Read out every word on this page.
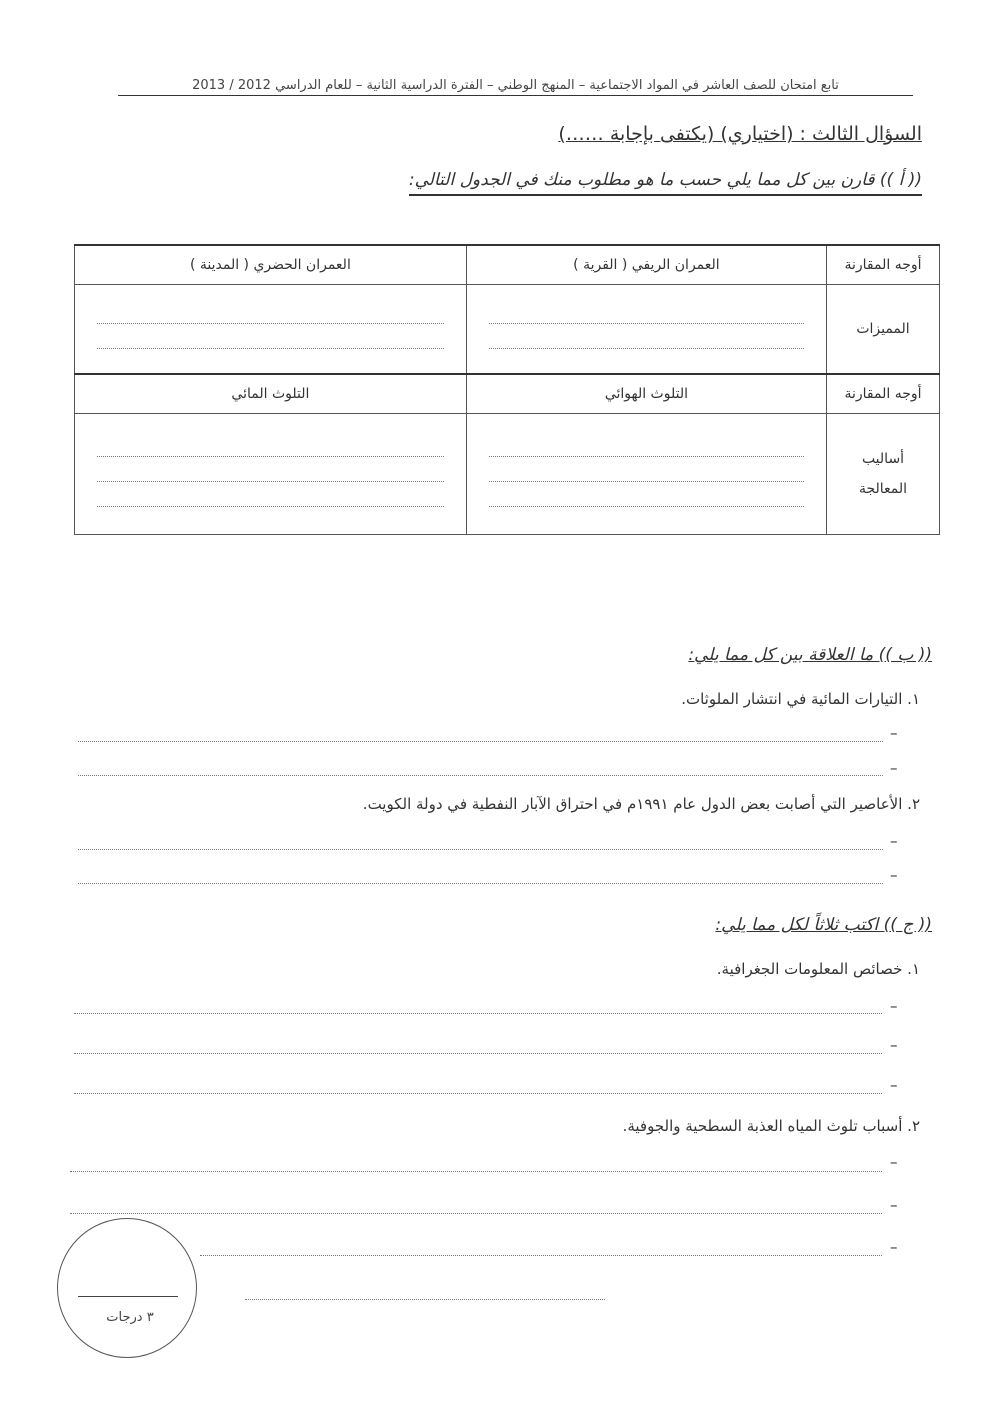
تابع امتحان للصف العاشر في المواد الاجتماعية – المنهج الوطني – الفترة الدراسية الثانية – للعام الدراسي 2012 / 2013
السؤال الثالث : (اختياري) (يكتفى بإجابة ……)
(( أ )) قارن بين كل مما يلي حسب ما هو مطلوب منك في الجدول التالي:
أوجه المقارنة	العمران الريفي ( القرية )	العمران الحضري ( المدينة )
المميزات	

أوجه المقارنة	التلوث الهوائي	التلوث المائي

أساليب
المعالجة		

(( ب )) ما العلاقة بين كل مما يلي:
١. التيارات المائية في انتشار الملوثات.
–
–
٢. الأعاصير التي أصابت بعض الدول عام ١٩٩١م في احتراق الآبار النفطية في دولة الكويت.
–
–
(( ج )) اكتب ثلاثاً لكل مما يلي:
١. خصائص المعلومات الجغرافية.
–
–
–
٢. أسباب تلوث المياه العذبة السطحية والجوفية.
–
–
–
٣ درجات
